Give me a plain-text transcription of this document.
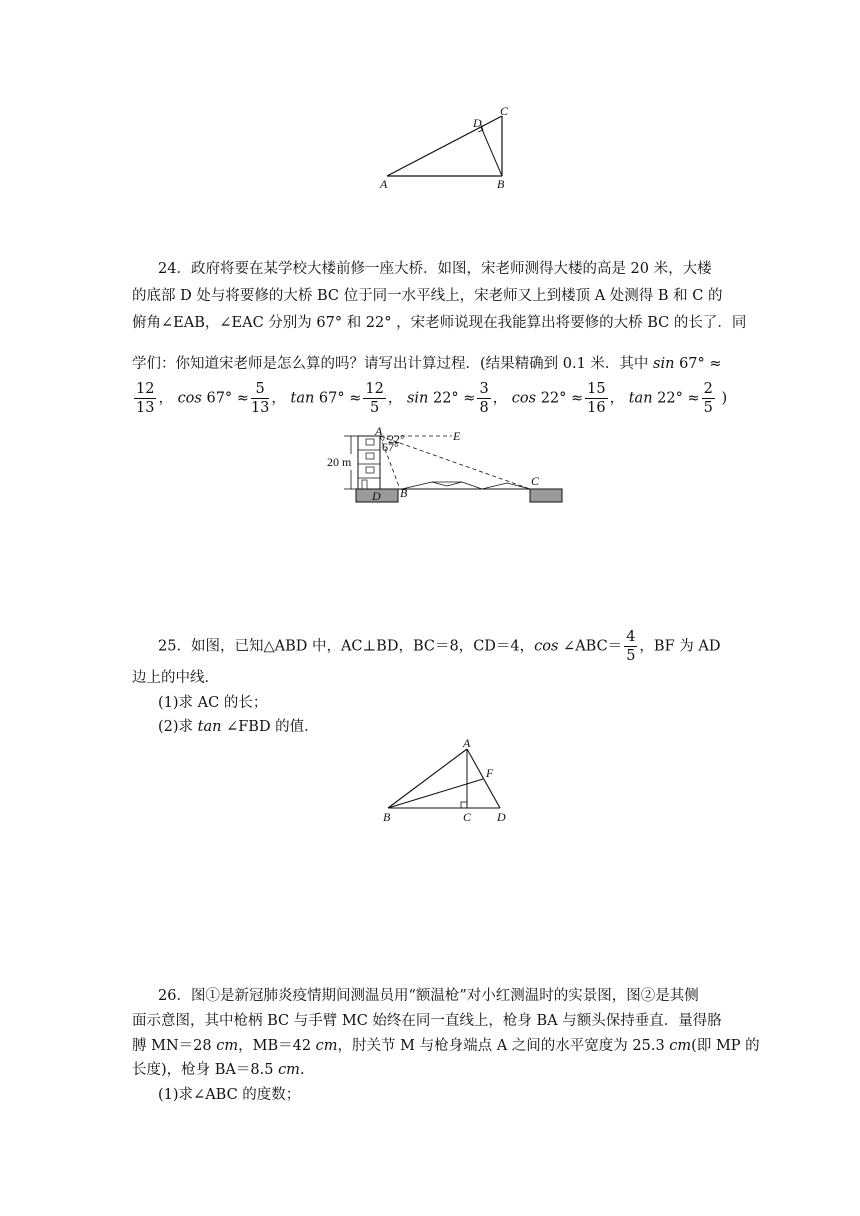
A	B
C
D
24．政府将要在某学校大楼前修一座大桥．如图，宋老师测得大楼的高是 20 米，大楼
的底部 D 处与将要修的大桥 BC 位于同一水平线上，宋老师又上到楼顶 A 处测得 B 和 C 的
俯角∠EAB，∠EAC 分别为 67° 和 22° ，宋老师说现在我能算出将要修的大桥 BC 的长了．同
学们：你知道宋老师是怎么算的吗？请写出计算过程．(结果精确到 0.1 米．其中 sin 67° ≈
$\frac{12}{13}$ ， $\cos 67^\circ \approx \frac{5}{13}$ ， $\tan 67^\circ \approx \frac{12}{5}$ ， $\sin 22^\circ \approx \frac{3}{8}$ ， $\cos 22^\circ \approx \frac{15}{16}$ ， $\tan 22^\circ \approx \frac{2}{5}$ )
20 m
22°
67°
A	E
B
C
D
25．如图，已知△ABD 中，AC⊥BD，BC＝8，CD＝4，cos ∠ABC＝ $\frac{4}{5}$ ，BF 为 AD
边上的中线．
(1)求 AC 的长；
(2)求 tan ∠FBD 的值．
A
F
B	C D
26．图①是新冠肺炎疫情期间测温员用“额温枪”对小红测温时的实景图，图②是其侧
面示意图，其中枪柄 BC 与手臂 MC 始终在同一直线上，枪身 BA 与额头保持垂直．量得胳
膊 MN＝28 cm，MB＝42 cm，肘关节 M 与枪身端点 A 之间的水平宽度为 25.3 cm(即 MP 的
长度)，枪身 BA＝8.5 cm.
(1)求∠ABC 的度数；
